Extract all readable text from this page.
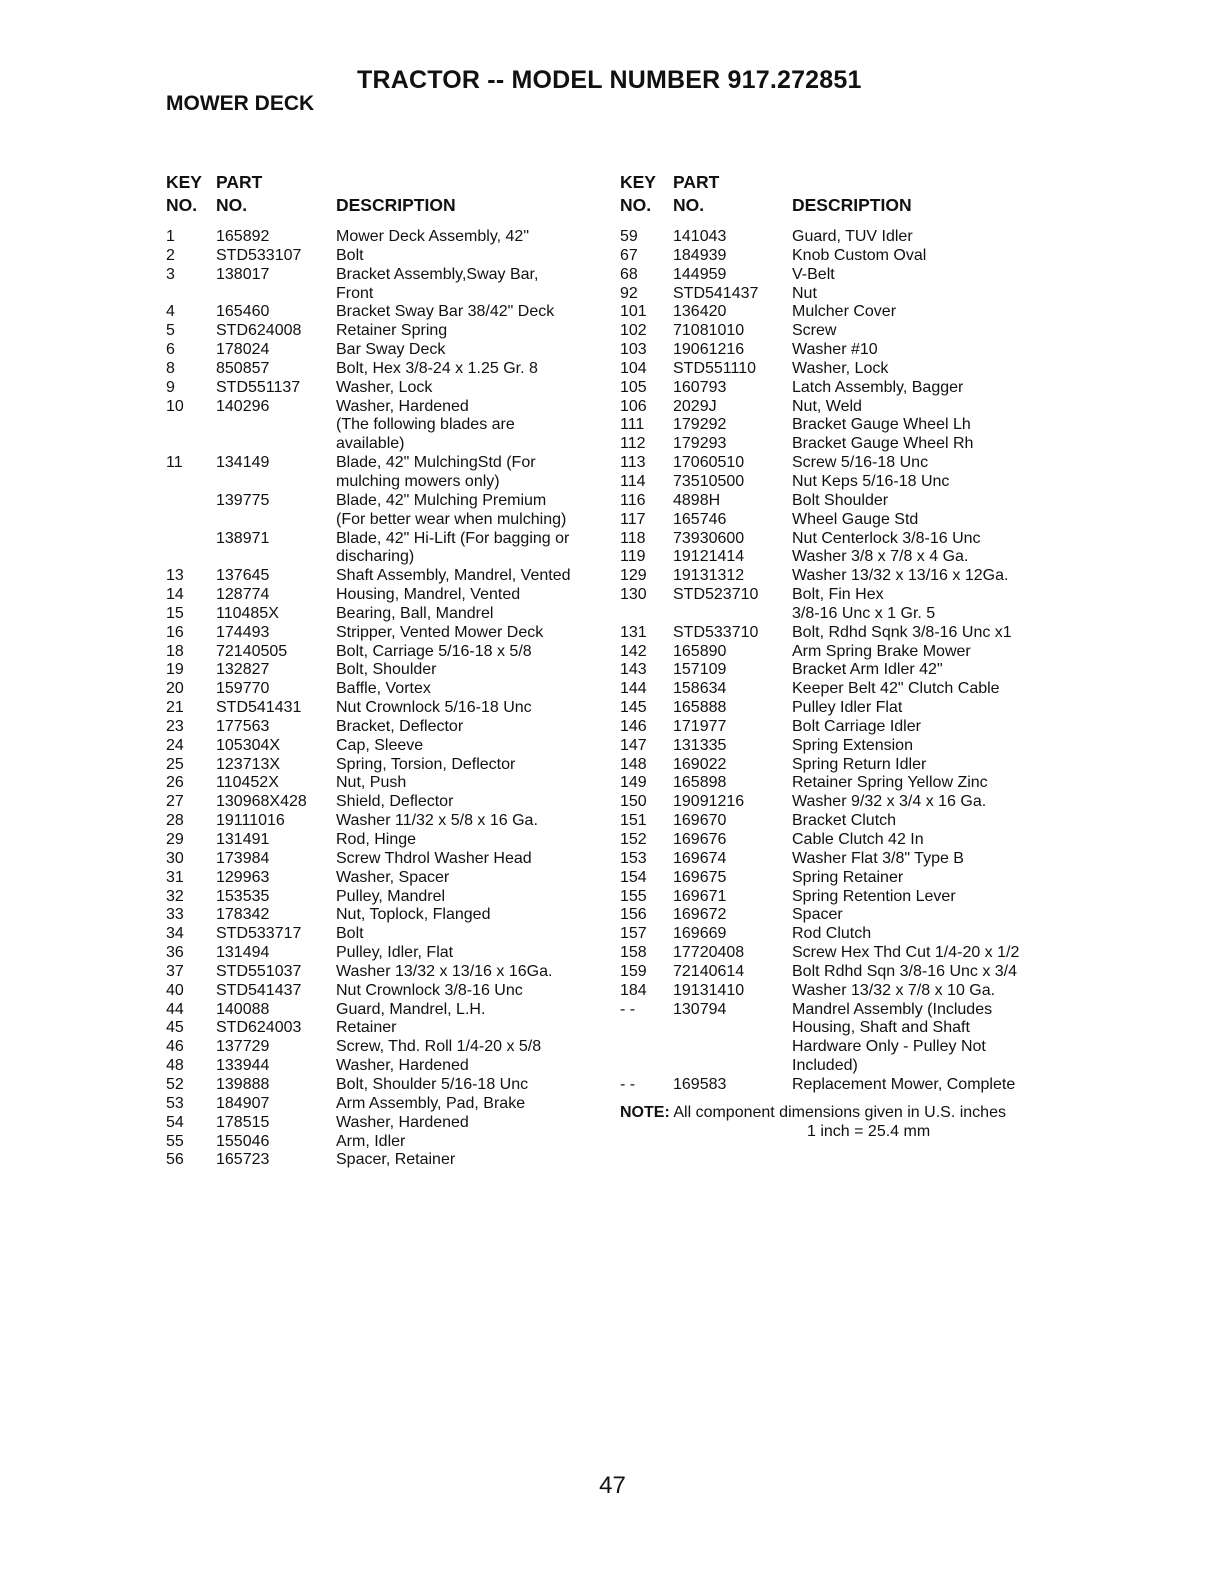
TRACTOR -- MODEL NUMBER 917.272851
MOWER DECK
KEY PART
NO. NO.	DESCRIPTION
1	165892	Mower Deck Assembly, 42"
2	STD533107	Bolt
3	138017	Bracket Assembly,Sway Bar,
Front
4	165460	Bracket Sway Bar 38/42" Deck
5	STD624008	Retainer Spring
6	178024	Bar Sway Deck
8	850857	Bolt, Hex 3/8-24 x 1.25 Gr. 8
9	STD551137	Washer, Lock
10 140296	Washer, Hardened
(The following blades are
available)
11 134149	Blade, 42" MulchingStd (For
mulching mowers only)
139775	Blade, 42" Mulching Premium
(For better wear when mulching)
138971	Blade, 42" Hi-Lift (For bagging or
discharing)
13 137645	Shaft Assembly, Mandrel, Vented
14 128774	Housing, Mandrel, Vented
15 110485X	Bearing, Ball, Mandrel
16 174493	Stripper, Vented Mower Deck
18 72140505	Bolt, Carriage 5/16-18 x 5/8
19 132827	Bolt, Shoulder
20 159770	Baffle, Vortex
21 STD541431	Nut Crownlock 5/16-18 Unc
23 177563	Bracket, Deflector
24 105304X	Cap, Sleeve
25 123713X	Spring, Torsion, Deflector
26 110452X	Nut, Push
27 130968X428	Shield, Deflector
28 19111016	Washer 11/32 x 5/8 x 16 Ga.
29 131491	Rod, Hinge
30 173984	Screw Thdrol Washer Head
31 129963	Washer, Spacer
32 153535	Pulley, Mandrel
33 178342	Nut, Toplock, Flanged
34 STD533717	Bolt
36 131494	Pulley, Idler, Flat
37 STD551037	Washer 13/32 x 13/16 x 16Ga.
40 STD541437	Nut Crownlock 3/8-16 Unc
44 140088	Guard, Mandrel, L.H.
45 STD624003	Retainer
46 137729	Screw, Thd. Roll 1/4-20 x 5/8
48 133944	Washer, Hardened
52 139888	Bolt, Shoulder 5/16-18 Unc
53 184907	Arm Assembly, Pad, Brake
54 178515	Washer, Hardened
55 155046	Arm, Idler
56 165723	Spacer, Retainer
KEY PART
NO. NO.	DESCRIPTION
59 141043	Guard, TUV Idler
67 184939	Knob Custom Oval
68 144959	V-Belt
92 STD541437	Nut
101 136420	Mulcher Cover
102 71081010	Screw
103 19061216	Washer #10
104 STD551110	Washer, Lock
105 160793	Latch Assembly, Bagger
106 2029J	Nut, Weld
111 179292	Bracket Gauge Wheel Lh
112 179293	Bracket Gauge Wheel Rh
113 17060510	Screw 5/16-18 Unc
114 73510500	Nut Keps 5/16-18 Unc
116 4898H	Bolt Shoulder
117 165746	Wheel Gauge Std
118 73930600	Nut Centerlock 3/8-16 Unc
119 19121414	Washer 3/8 x 7/8 x 4 Ga.
129 19131312	Washer 13/32 x 13/16 x 12Ga.
130 STD523710	Bolt, Fin Hex
3/8-16 Unc x 1 Gr. 5
131 STD533710	Bolt, Rdhd Sqnk 3/8-16 Unc x1
142 165890	Arm Spring Brake Mower
143 157109	Bracket Arm Idler 42"
144 158634	Keeper Belt 42" Clutch Cable
145 165888	Pulley Idler Flat
146 171977	Bolt Carriage Idler
147 131335	Spring Extension
148 169022	Spring Return Idler
149 165898	Retainer Spring Yellow Zinc
150 19091216	Washer 9/32 x 3/4 x 16 Ga.
151 169670	Bracket Clutch
152 169676	Cable Clutch 42 In
153 169674	Washer Flat 3/8" Type B
154 169675	Spring Retainer
155 169671	Spring Retention Lever
156 169672	Spacer
157 169669	Rod Clutch
158 17720408	Screw Hex Thd Cut 1/4-20 x 1/2
159 72140614	Bolt Rdhd Sqn 3/8-16 Unc x 3/4
184 19131410	Washer 13/32 x 7/8 x 10 Ga.
- - 130794	Mandrel Assembly (Includes
Housing, Shaft and Shaft
Hardware Only - Pulley Not
Included)
- - 169583	Replacement Mower, Complete
NOTE: All component dimensions given in U.S. inches
1 inch = 25.4 mm
47
